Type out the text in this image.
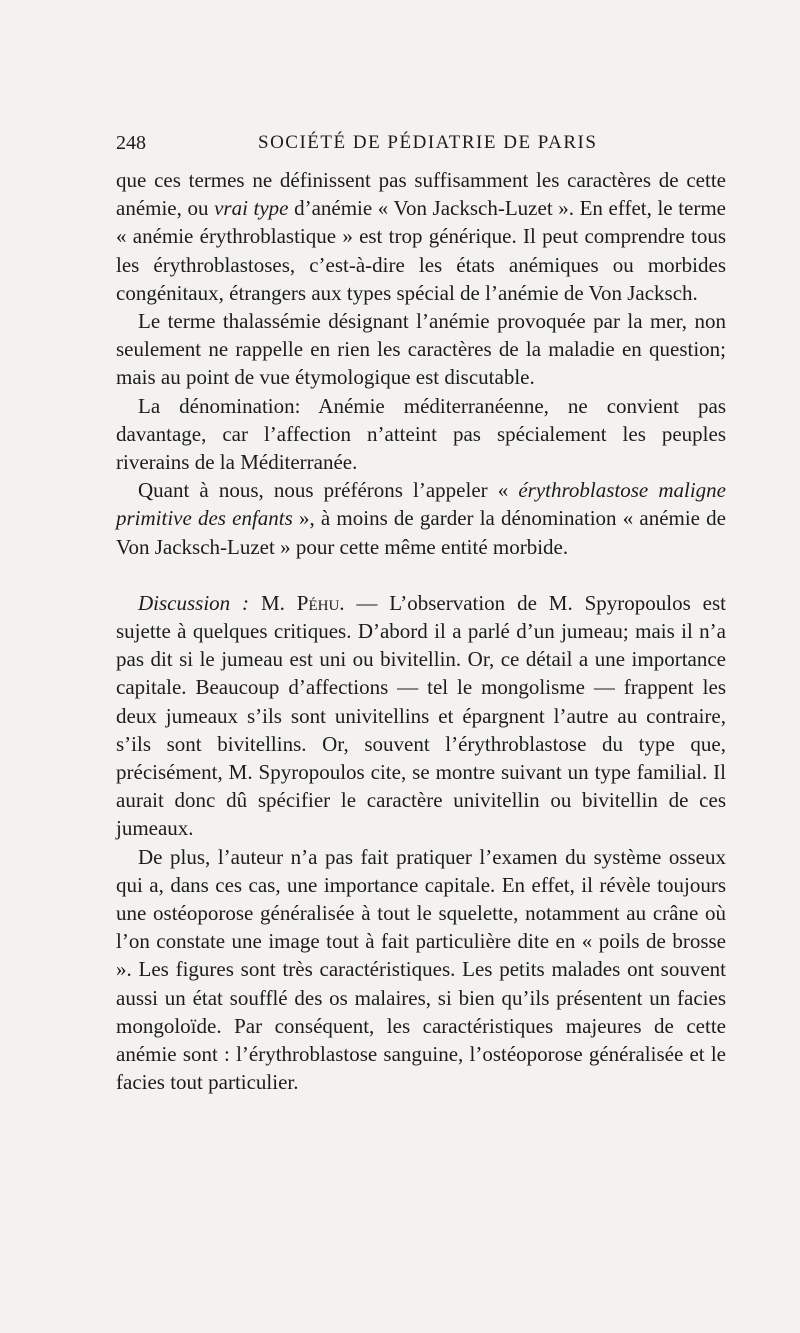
248	SOCIÉTÉ DE PÉDIATRIE DE PARIS

que ces termes ne définissent pas suffisamment les caractères de cette anémie, ou vrai type d’anémie « Von Jacksch-Luzet ». En effet, le terme « anémie érythroblastique » est trop générique. Il peut comprendre tous les érythroblastoses, c’est-à-dire les états anémiques ou morbides congénitaux, étrangers aux types spécial de l’anémie de Von Jacksch.

Le terme thalassémie désignant l’anémie provoquée par la mer, non seulement ne rappelle en rien les caractères de la maladie en question; mais au point de vue étymologique est discutable.

La dénomination: Anémie méditerranéenne, ne convient pas davantage, car l’affection n’atteint pas spécialement les peuples riverains de la Méditerranée.

Quant à nous, nous préférons l’appeler « érythroblastose maligne primitive des enfants », à moins de garder la dénomination « anémie de Von Jacksch-Luzet » pour cette même entité morbide.

Discussion : M. Péhu. — L’observation de M. Spyropoulos est sujette à quelques critiques. D’abord il a parlé d’un jumeau; mais il n’a pas dit si le jumeau est uni ou bivitellin. Or, ce détail a une importance capitale. Beaucoup d’affections — tel le mongolisme — frappent les deux jumeaux s’ils sont univitellins et épargnent l’autre au contraire, s’ils sont bivitellins. Or, souvent l’érythroblastose du type que, précisément, M. Spyropoulos cite, se montre suivant un type familial. Il aurait donc dû spécifier le caractère univitellin ou bivitellin de ces jumeaux.

De plus, l’auteur n’a pas fait pratiquer l’examen du système osseux qui a, dans ces cas, une importance capitale. En effet, il révèle toujours une ostéoporose généralisée à tout le squelette, notamment au crâne où l’on constate une image tout à fait particulière dite en « poils de brosse ». Les figures sont très caractéristiques. Les petits malades ont souvent aussi un état soufflé des os malaires, si bien qu’ils présentent un facies mongoloïde. Par conséquent, les caractéristiques majeures de cette anémie sont : l’érythroblastose sanguine, l’ostéoporose généralisée et le facies tout particulier.
